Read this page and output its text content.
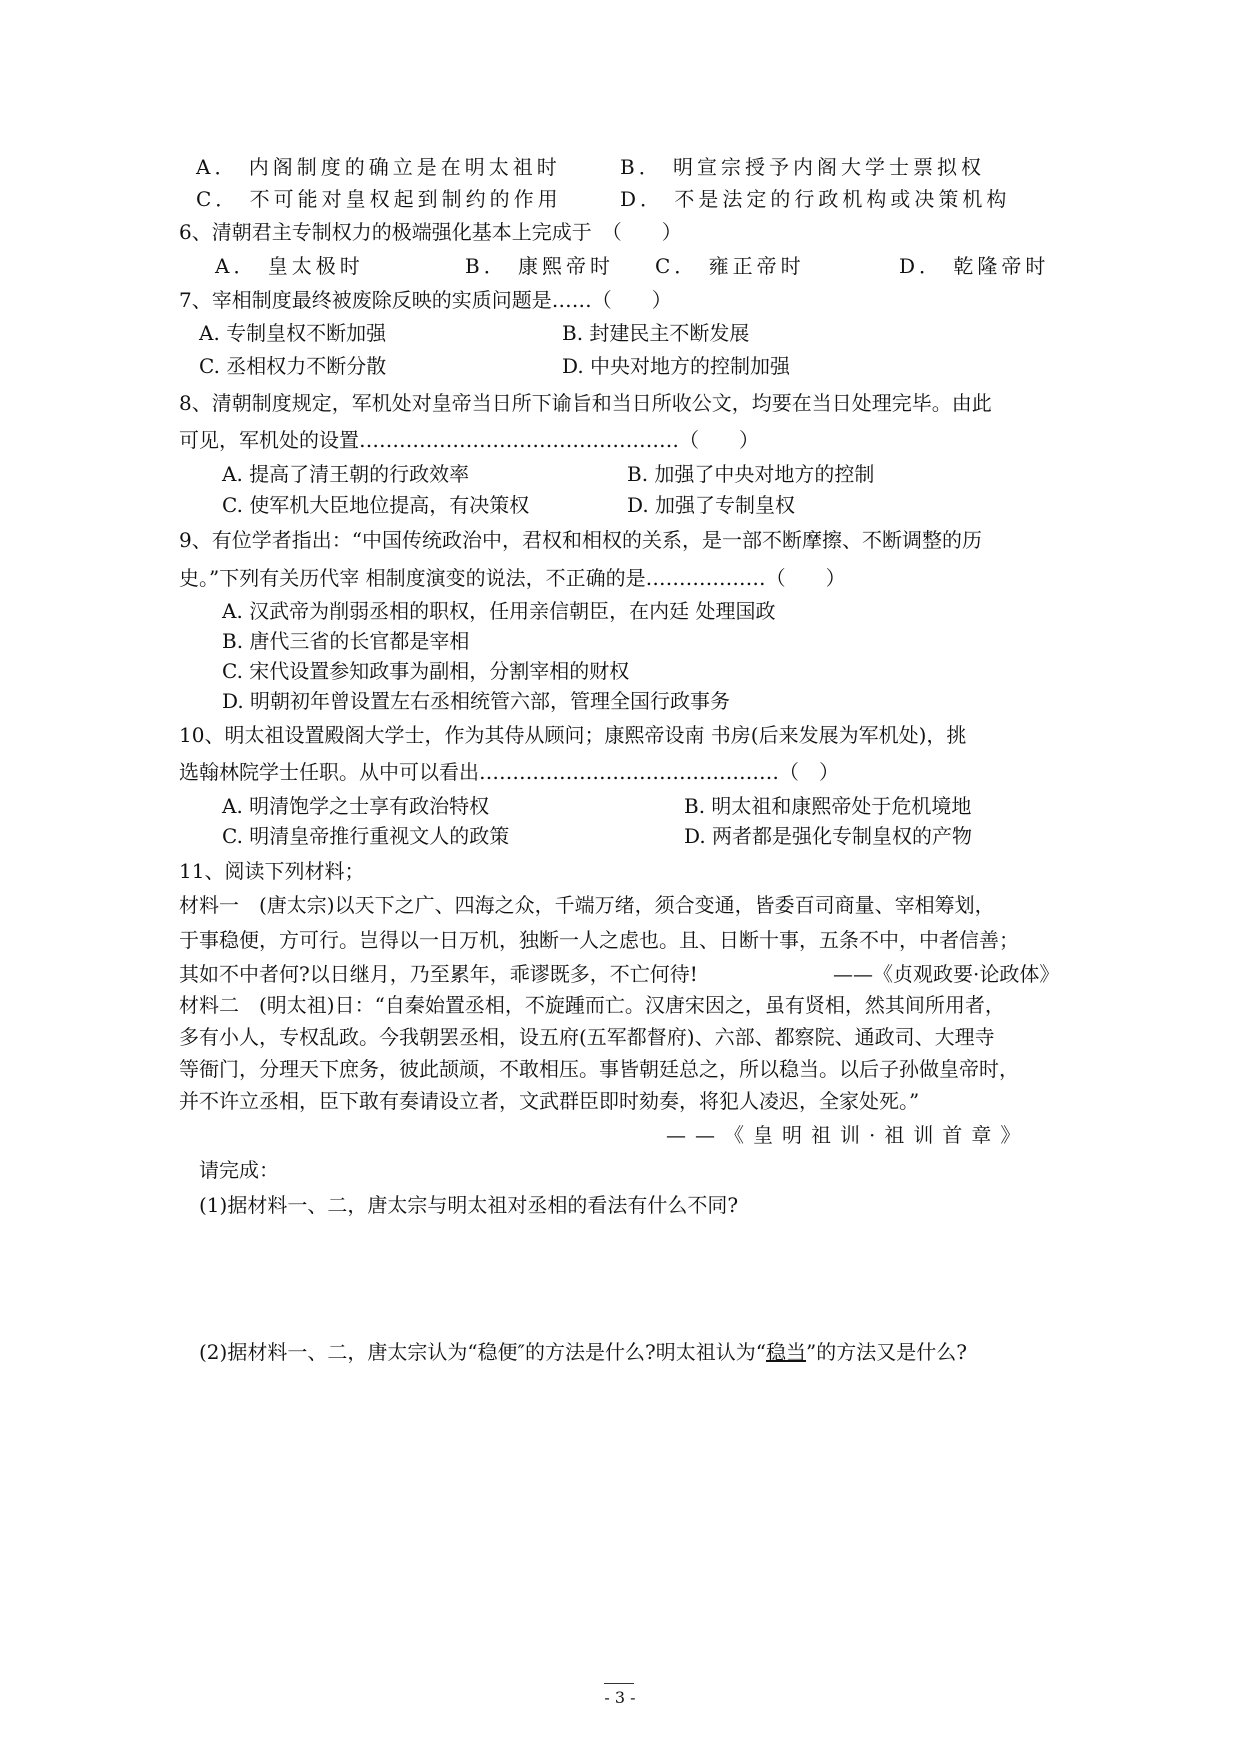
A． 内阁制度的确立是在明太祖时	B． 明宣宗授予内阁大学士票拟权
C． 不可能对皇权起到制约的作用	D． 不是法定的行政机构或决策机构
6、清朝君主专制权力的极端强化基本上完成于　（　　）
A． 皇太极时	B． 康熙帝时 C． 雍正帝时	D． 乾隆帝时
7、宰相制度最终被废除反映的实质问题是……（　　）
A. 专制皇权不断加强	B. 封建民主不断发展
C. 丞相权力不断分散	D. 中央对地方的控制加强
8、清朝制度规定，军机处对皇帝当日所下谕旨和当日所收公文，均要在当日处理完毕。由此
可见，军机处的设置…………………………………………（　　）
A. 提高了清王朝的行政效率	B. 加强了中央对地方的控制
C. 使军机大臣地位提高，有决策权	D. 加强了专制皇权
9、有位学者指出：“中国传统政治中，君权和相权的关系，是一部不断摩擦、不断调整的历
史。”下列有关历代宰 相制度演变的说法，不正确的是………………（　　）
A. 汉武帝为削弱丞相的职权，任用亲信朝臣，在内廷 处理国政
B. 唐代三省的长官都是宰相
C. 宋代设置参知政事为副相，分割宰相的财权
D. 明朝初年曾设置左右丞相统管六部，管理全国行政事务
10、明太祖设置殿阁大学士，作为其侍从顾问；康熙帝设南 书房(后来发展为军机处)，挑
选翰林院学士任职。从中可以看出………………………………………（　）
A. 明清饱学之士享有政治特权	B. 明太祖和康熙帝处于危机境地
C. 明清皇帝推行重视文人的政策	D. 两者都是强化专制皇权的产物
11、阅读下列材料；
材料一　(唐太宗)以天下之广、四海之众，千端万绪，须合变通，皆委百司商量、宰相筹划，
于事稳便，方可行。岂得以一日万机，独断一人之虑也。且、日断十事，五条不中，中者信善；
其如不中者何?以日继月，乃至累年，乖谬既多，不亡何待!	——《贞观政要·论政体》
材料二　(明太祖)日：“自秦始置丞相，不旋踵而亡。汉唐宋因之，虽有贤相，然其间所用者，
多有小人，专权乱政。今我朝罢丞相，设五府(五军都督府)、六部、都察院、通政司、大理寺
等衙门，分理天下庶务，彼此颉颃，不敢相压。事皆朝廷总之，所以稳当。以后子孙做皇帝时，
并不许立丞相，臣下敢有奏请设立者，文武群臣即时劾奏，将犯人凌迟，全家处死。”
——《皇明祖训·祖训首章》
请完成：
(1)据材料一、二，唐太宗与明太祖对丞相的看法有什么不同?
(2)据材料一、二，唐太宗认为“稳便″的方法是什么?明太祖认为“稳当”的方法又是什么?
- 3 -
